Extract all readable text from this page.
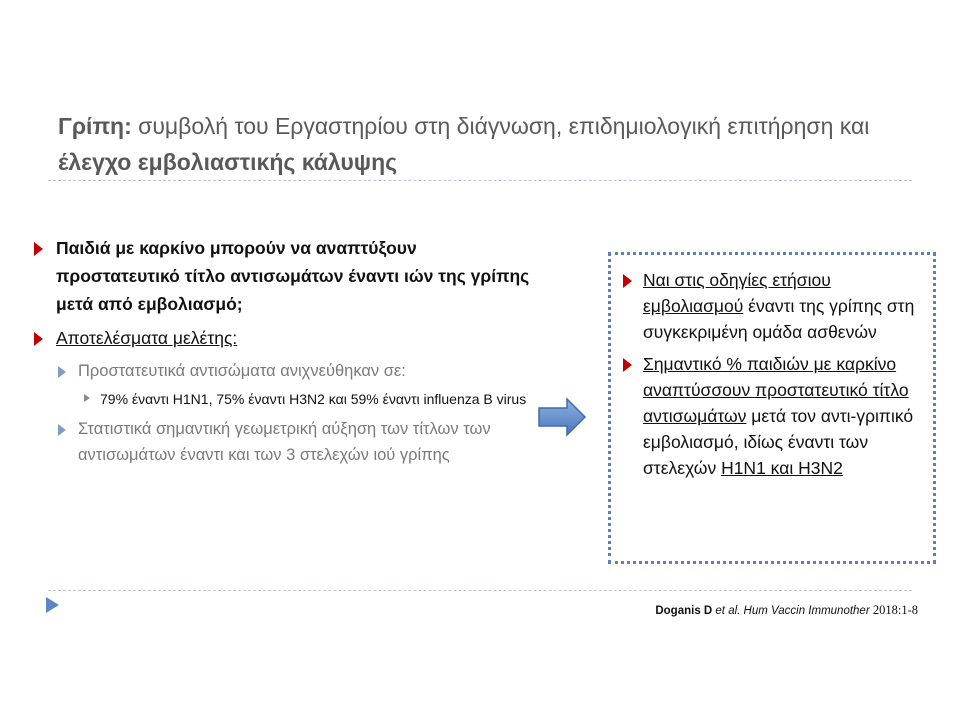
Γρίπη: συμβολή του Εργαστηρίου στη διάγνωση, επιδημιολογική επιτήρηση και έλεγχο εμβολιαστικής κάλυψης
Παιδιά με καρκίνο μπορούν να αναπτύξουν προστατευτικό τίτλο αντισωμάτων έναντι ιών της γρίπης μετά από εμβολιασμό;
Αποτελέσματα μελέτης:
Προστατευτικά αντισώματα ανιχνεύθηκαν σε:
79% έναντι H1N1, 75% έναντι H3N2 και 59% έναντι influenza B virus
Στατιστικά σημαντική γεωμετρική αύξηση των τίτλων των αντισωμάτων έναντι και των 3 στελεχών ιού γρίπης
Ναι στις οδηγίες ετήσιου εμβολιασμού έναντι της γρίπης στη συγκεκριμένη ομάδα ασθενών
Σημαντικό % παιδιών με καρκίνο αναπτύσσουν προστατευτικό τίτλο αντισωμάτων μετά τον αντι-γριπικό εμβολιασμό, ιδίως έναντι των στελεχών H1N1 και H3N2
Doganis D et al. Hum Vaccin Immunother 2018:1-8
